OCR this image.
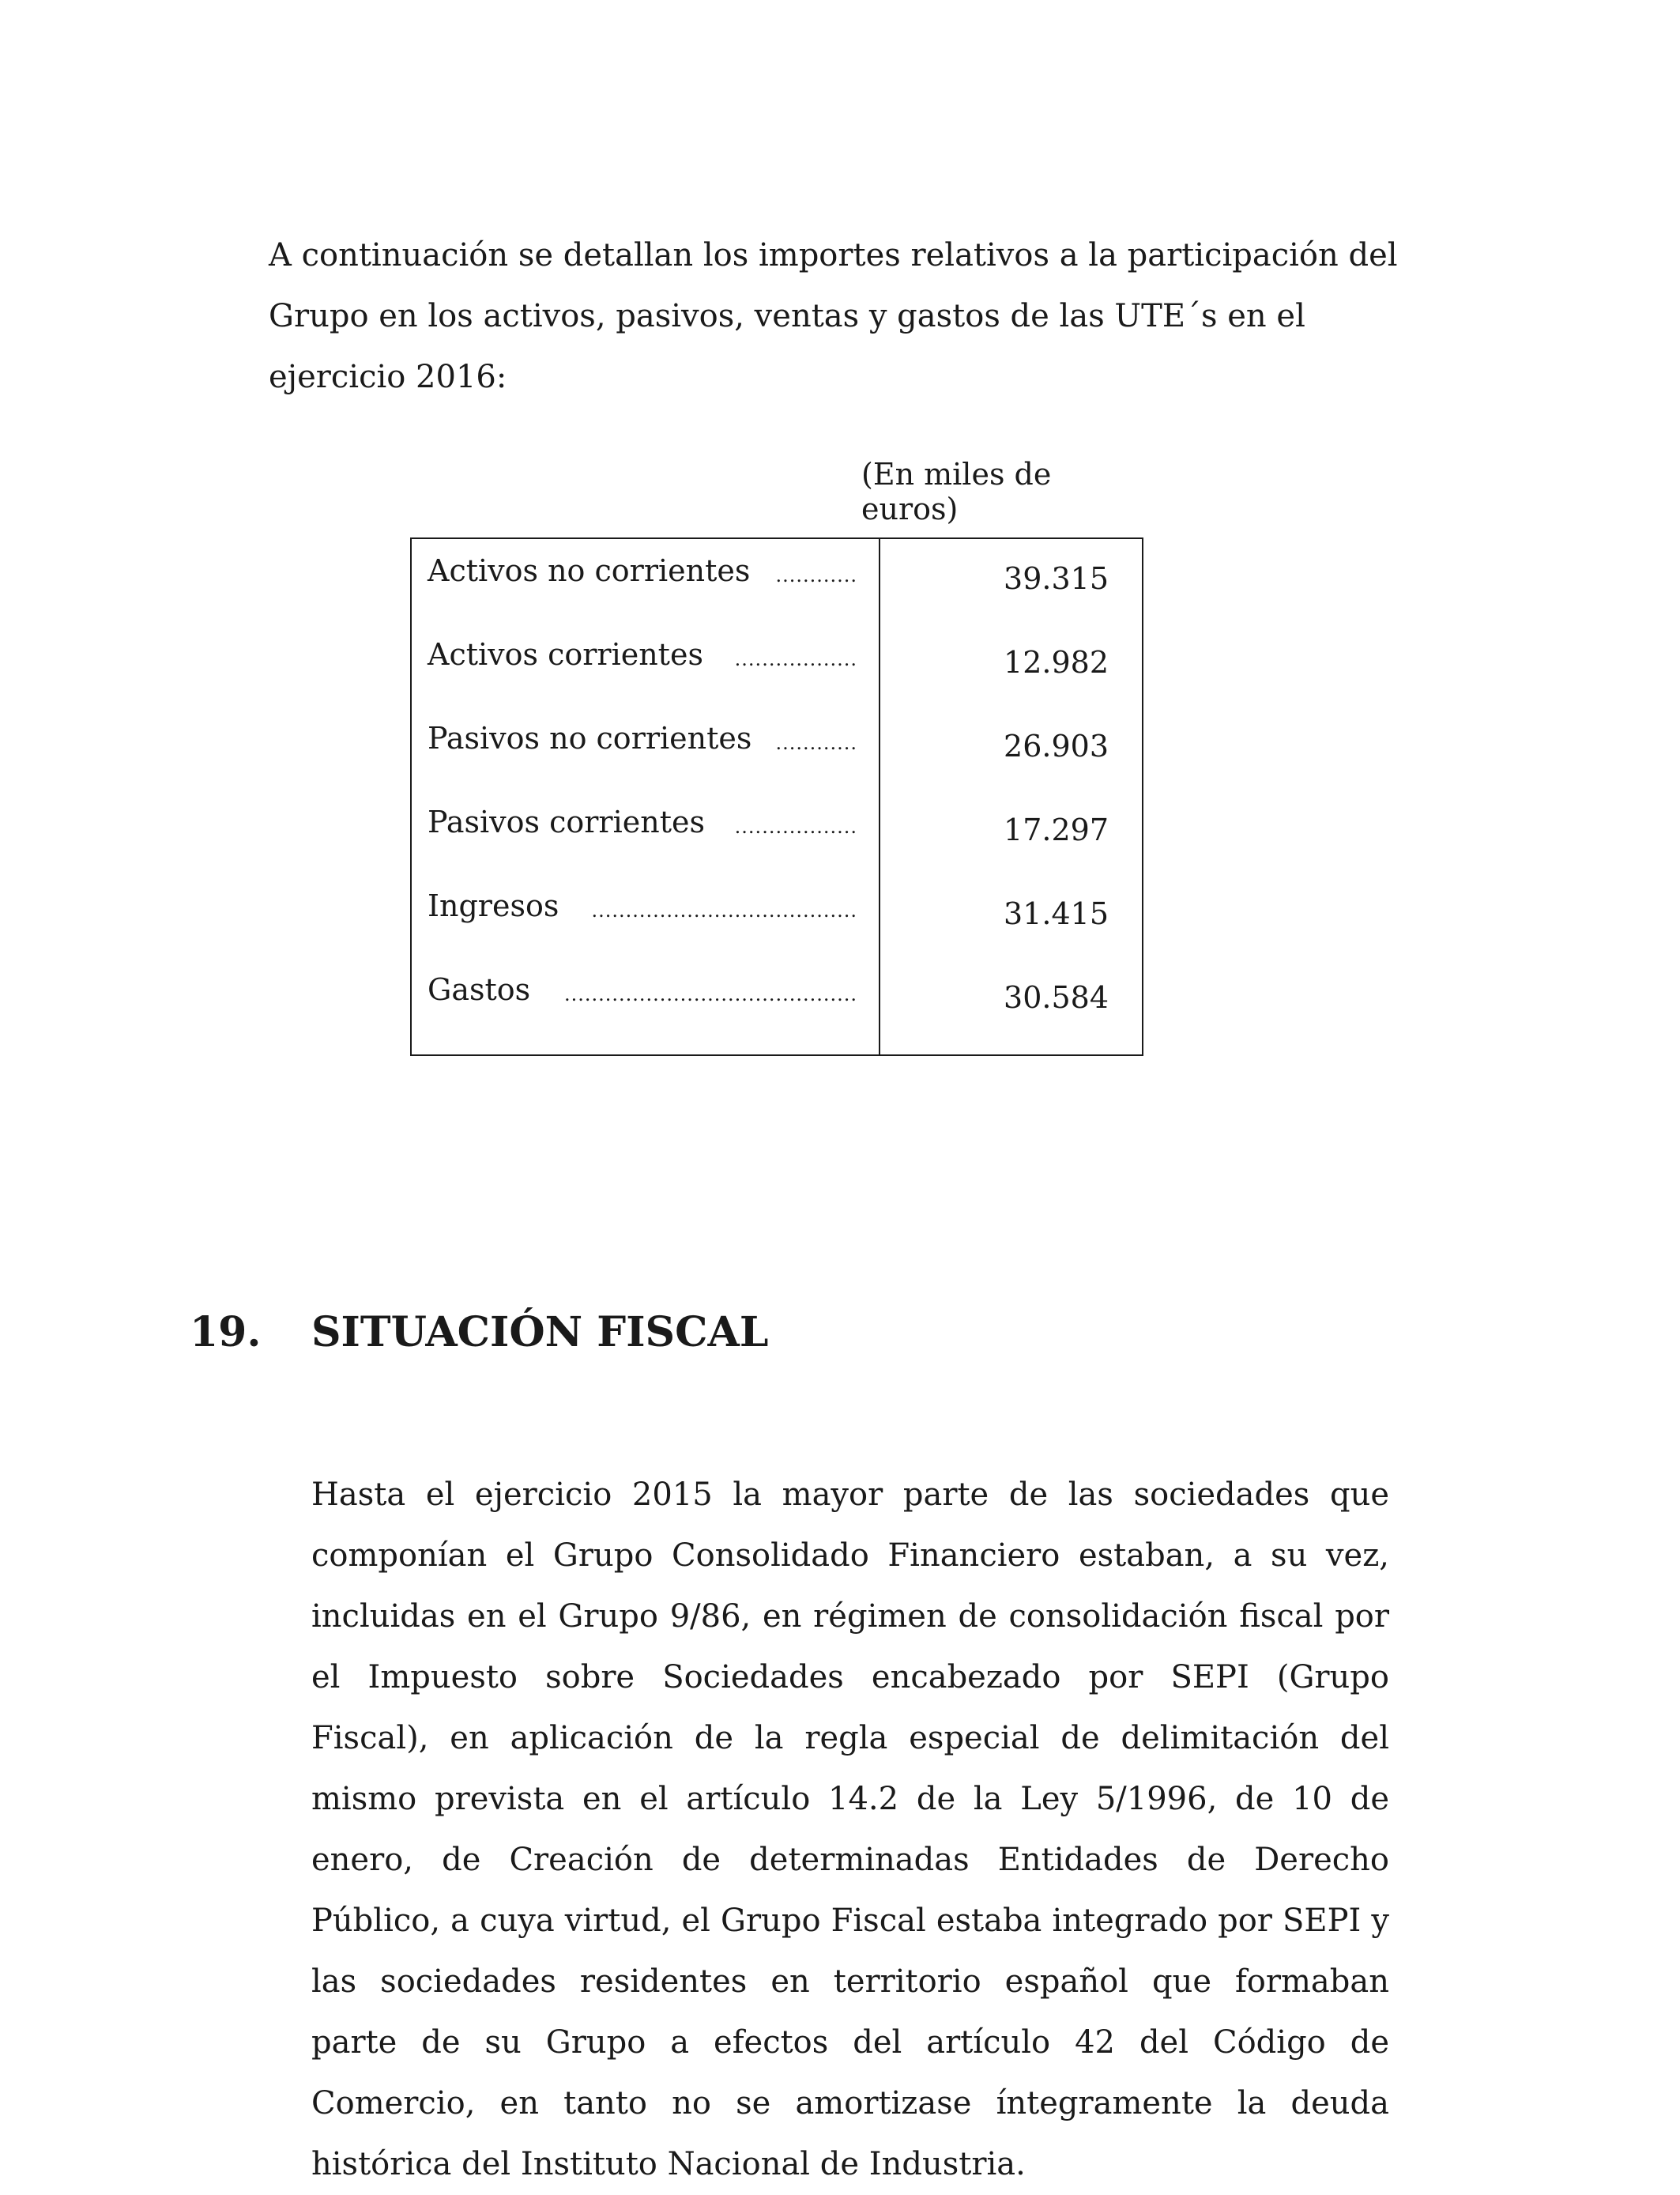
A continuación se detallan los importes relativos a la participación del Grupo en los activos, pasivos, ventas y gastos de las UTE´s en el ejercicio 2016:

(En miles de euros)

Activos no corrientes ............	39.315
Activos corrientes ..................	12.982
Pasivos no corrientes ............	26.903
Pasivos corrientes ..................	17.297
Ingresos .......................................	31.415
Gastos ...........................................	30.584
19. SITUACIÓN FISCAL

Hasta el ejercicio 2015 la mayor parte de las sociedades que componían el Grupo Consolidado Financiero estaban, a su vez, incluidas en el Grupo 9/86, en régimen de consolidación fiscal por el Impuesto sobre Sociedades encabezado por SEPI (Grupo Fiscal), en aplicación de la regla especial de delimitación del mismo prevista en el artículo 14.2 de la Ley 5/1996, de 10 de enero, de Creación de determinadas Entidades de Derecho Público, a cuya virtud, el Grupo Fiscal estaba integrado por SEPI y las sociedades residentes en territorio español que formaban parte de su Grupo a efectos del artículo 42 del Código de Comercio, en tanto no se amortizase íntegramente la deuda histórica del Instituto Nacional de Industria.
